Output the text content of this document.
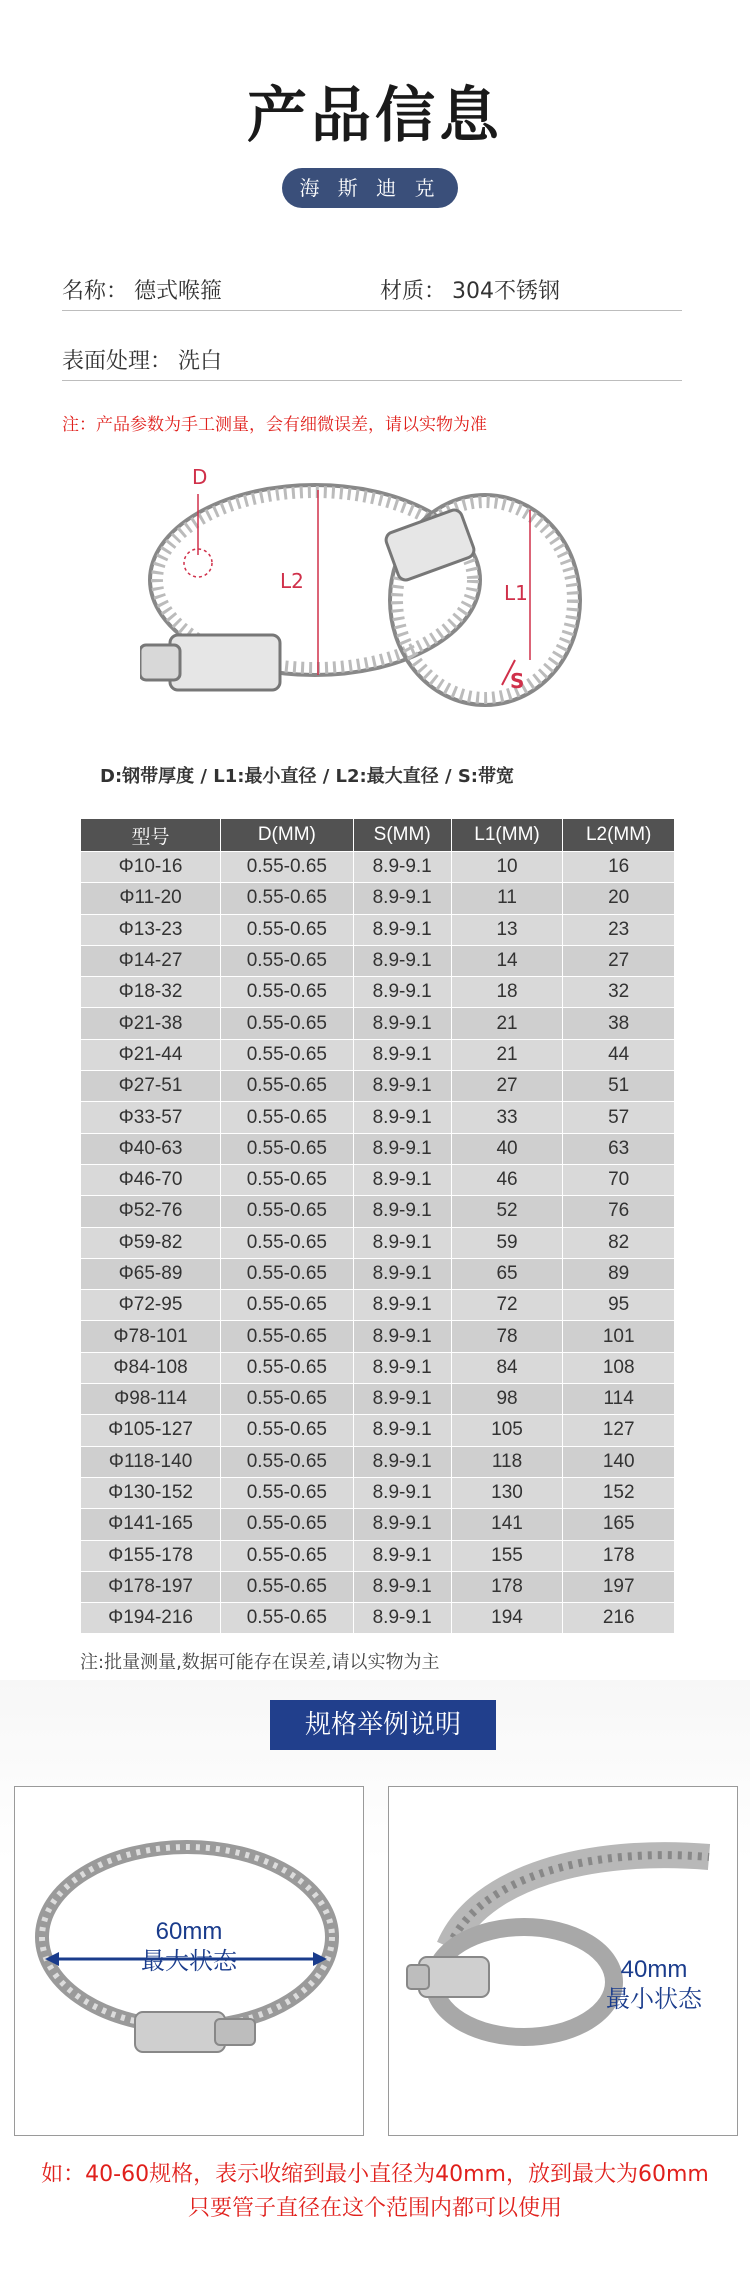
产品信息
海 斯 迪 克
名称： 德式喉箍	材质： 304不锈钢
表面处理： 洗白
注：产品参数为手工测量，会有细微误差，请以实物为准
D
L2	L1
S
D:钢带厚度 / L1:最小直径 / L2:最大直径 / S:带宽
型号	D(MM)	S(MM)	L1(MM)	L2(MM)
Φ10-16	0.55-0.65	8.9-9.1	10	16
Φ11-20	0.55-0.65	8.9-9.1	11	20
Φ13-23	0.55-0.65	8.9-9.1	13	23
Φ14-27	0.55-0.65	8.9-9.1	14	27
Φ18-32	0.55-0.65	8.9-9.1	18	32
Φ21-38	0.55-0.65	8.9-9.1	21	38
Φ21-44	0.55-0.65	8.9-9.1	21	44
Φ27-51	0.55-0.65	8.9-9.1	27	51
Φ33-57	0.55-0.65	8.9-9.1	33	57
Φ40-63	0.55-0.65	8.9-9.1	40	63
Φ46-70	0.55-0.65	8.9-9.1	46	70
Φ52-76	0.55-0.65	8.9-9.1	52	76
Φ59-82	0.55-0.65	8.9-9.1	59	82
Φ65-89	0.55-0.65	8.9-9.1	65	89
Φ72-95	0.55-0.65	8.9-9.1	72	95
Φ78-101	0.55-0.65	8.9-9.1	78	101
Φ84-108	0.55-0.65	8.9-9.1	84	108
Φ98-114	0.55-0.65	8.9-9.1	98	114
Φ105-127	0.55-0.65	8.9-9.1	105	127
Φ118-140	0.55-0.65	8.9-9.1	118	140
Φ130-152	0.55-0.65	8.9-9.1	130	152
Φ141-165	0.55-0.65	8.9-9.1	141	165
Φ155-178	0.55-0.65	8.9-9.1	155	178
Φ178-197	0.55-0.65	8.9-9.1	178	197
Φ194-216	0.55-0.65	8.9-9.1	194	216
注:批量测量,数据可能存在误差,请以实物为主
规格举例说明
60mm
最大状态	40mm
最小状态
如：40-60规格，表示收缩到最小直径为40mm，放到最大为60mm
只要管子直径在这个范围内都可以使用
